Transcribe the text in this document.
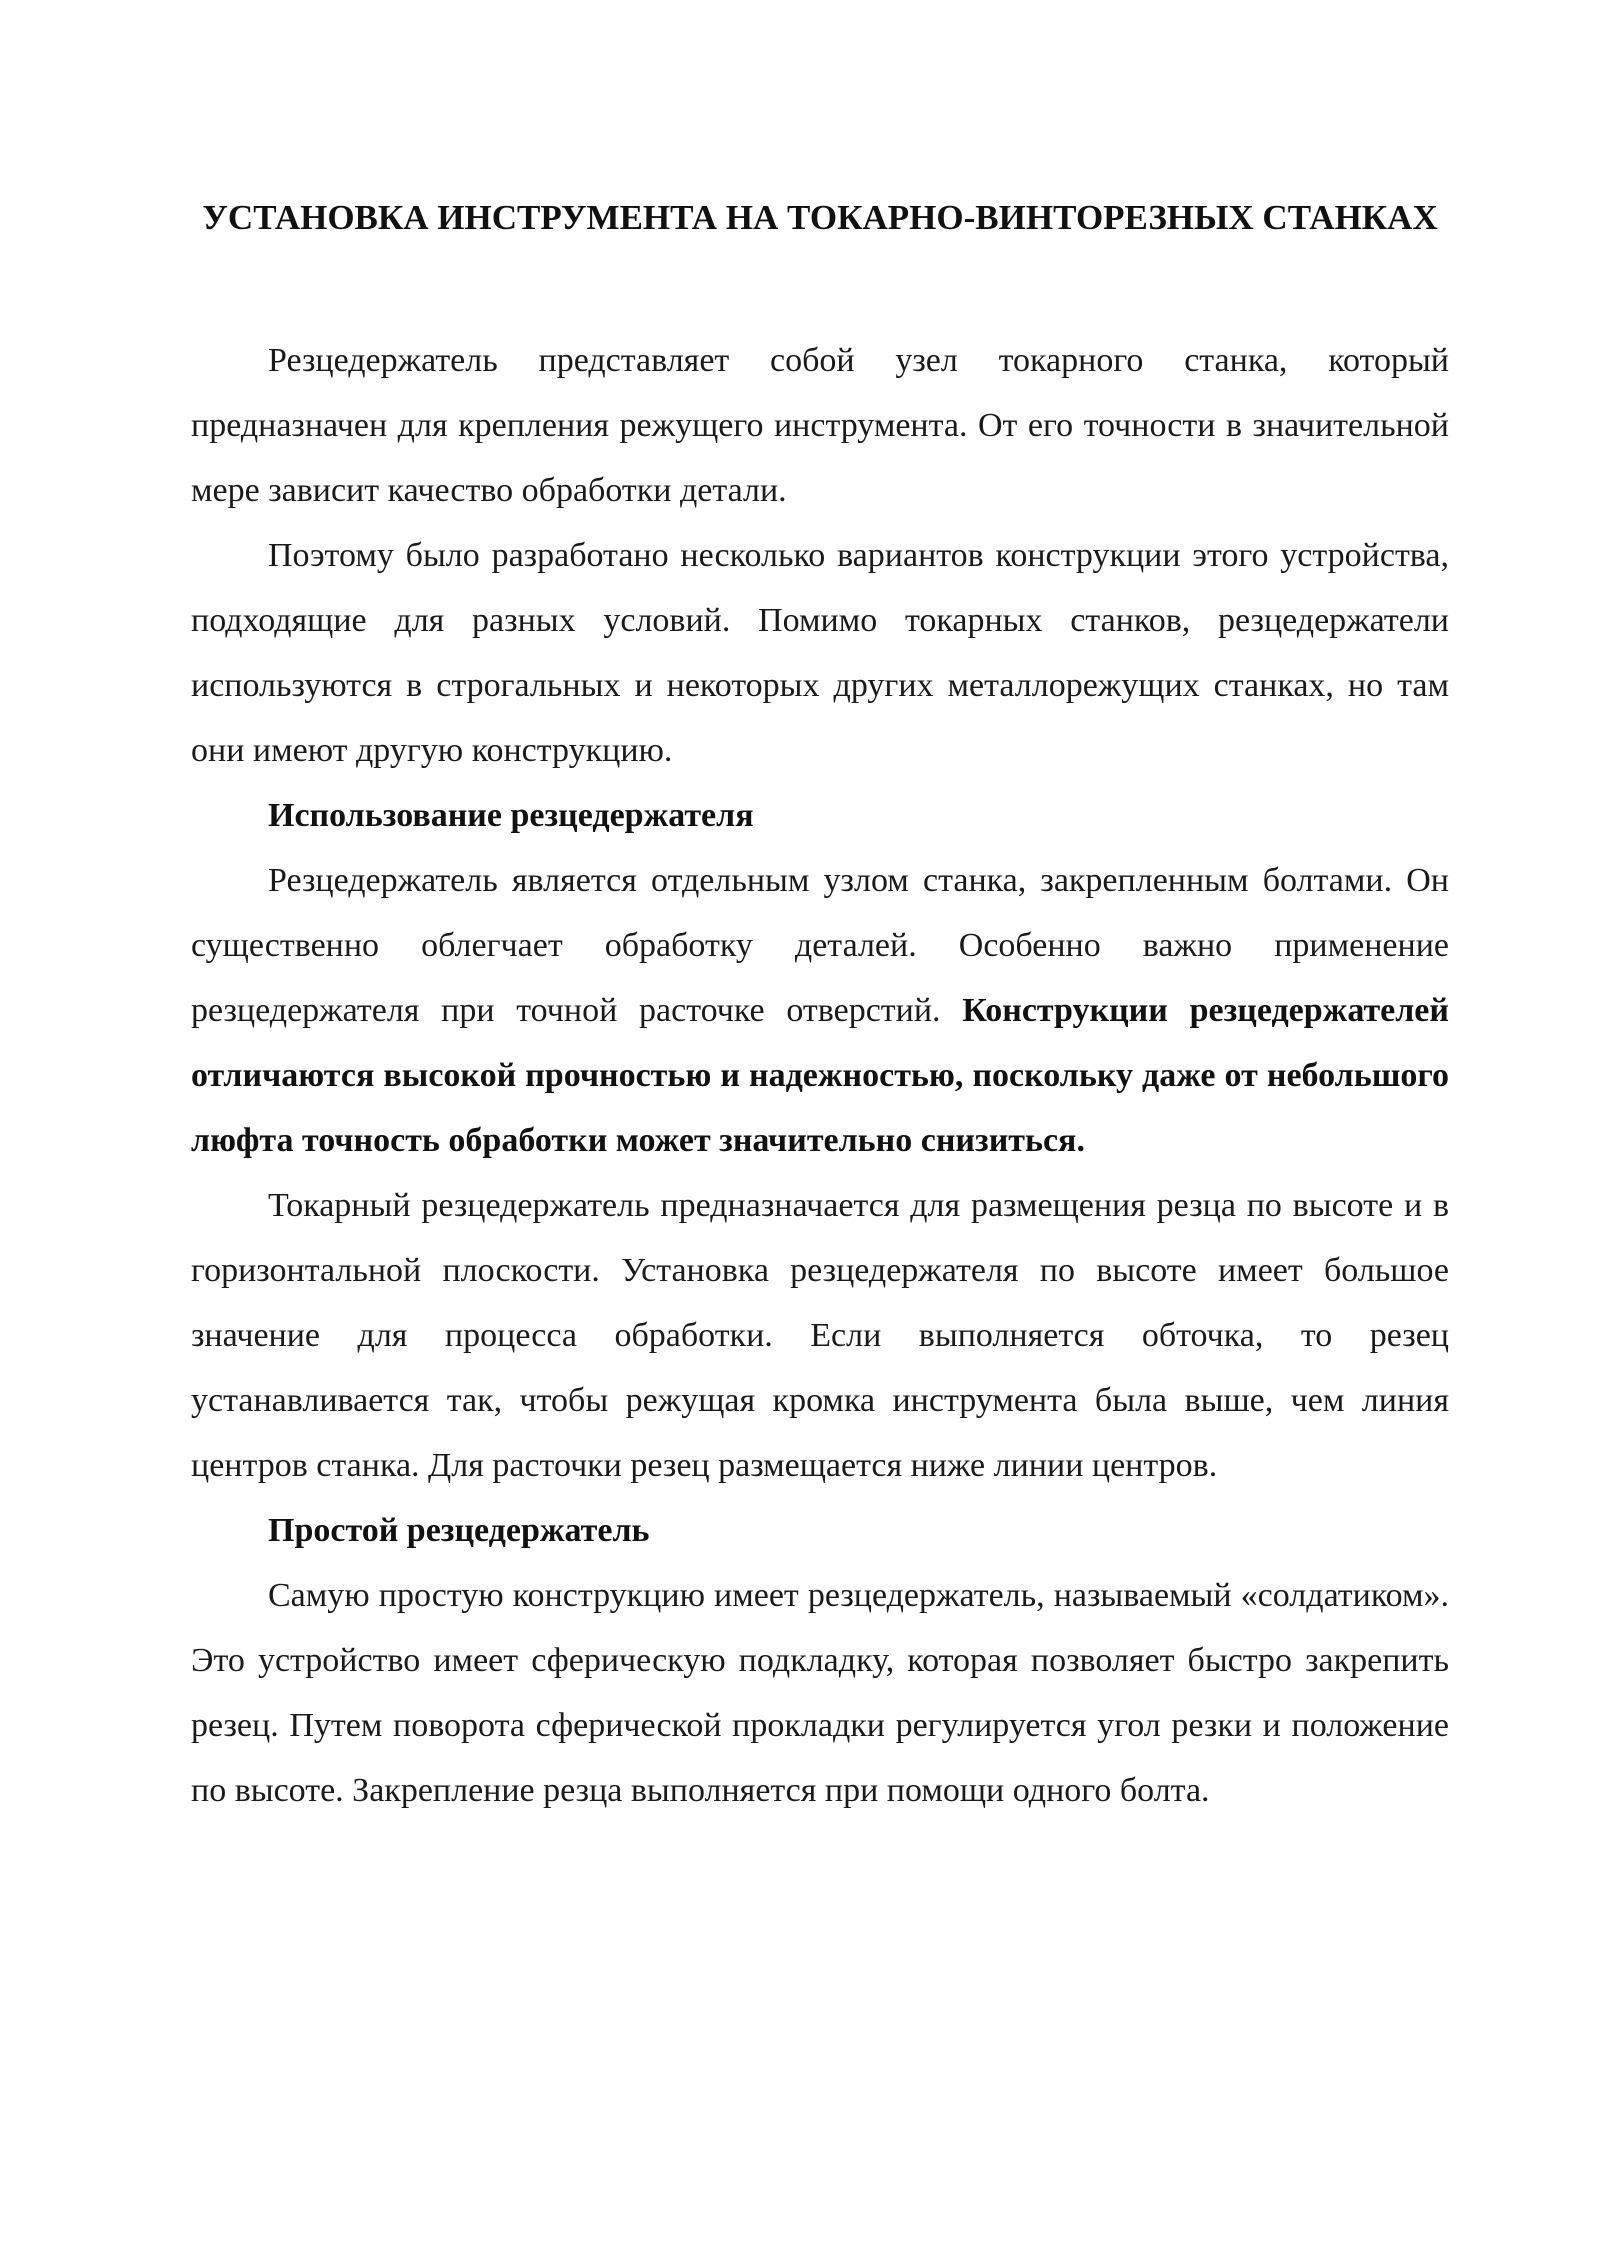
УСТАНОВКА ИНСТРУМЕНТА НА ТОКАРНО-ВИНТОРЕЗНЫХ СТАНКАХ

Резцедержатель представляет собой узел токарного станка, который предназначен для крепления режущего инструмента. От его точности в значительной мере зависит качество обработки детали.

Поэтому было разработано несколько вариантов конструкции этого устройства, подходящие для разных условий. Помимо токарных станков, резцедержатели используются в строгальных и некоторых других металлорежущих станках, но там они имеют другую конструкцию.

Использование резцедержателя

Резцедержатель является отдельным узлом станка, закрепленным болтами. Он существенно облегчает обработку деталей. Особенно важно применение резцедержателя при точной расточке отверстий. Конструкции резцедержателей отличаются высокой прочностью и надежностью, поскольку даже от небольшого люфта точность обработки может значительно снизиться.

Токарный резцедержатель предназначается для размещения резца по высоте и в горизонтальной плоскости. Установка резцедержателя по высоте имеет большое значение для процесса обработки. Если выполняется обточка, то резец устанавливается так, чтобы режущая кромка инструмента была выше, чем линия центров станка. Для расточки резец размещается ниже линии центров.

Простой резцедержатель

Самую простую конструкцию имеет резцедержатель, называемый «солдатиком». Это устройство имеет сферическую подкладку, которая позволяет быстро закрепить резец. Путем поворота сферической прокладки регулируется угол резки и положение по высоте. Закрепление резца выполняется при помощи одного болта.
